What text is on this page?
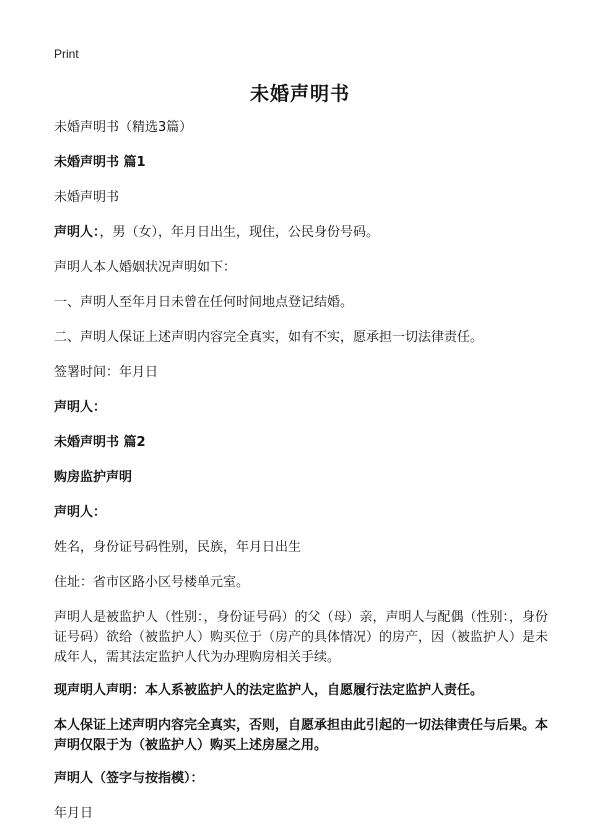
Print
未婚声明书

未婚声明书（精选3篇）

未婚声明书 篇1

未婚声明书

声明人：，男（女），年月日出生，现住，公民身份号码。

声明人本人婚姻状况声明如下：

一、声明人至年月日未曾在任何时间地点登记结婚。

二、声明人保证上述声明内容完全真实，如有不实，愿承担一切法律责任。

签署时间：年月日

声明人：

未婚声明书 篇2

购房监护声明

声明人：

姓名，身份证号码性别，民族，年月日出生

住址：省市区路小区号楼单元室。

声明人是被监护人（性别：，身份证号码）的父（母）亲，声明人与配偶（性别：，身份证号码）欲给（被监护人）购买位于（房产的具体情况）的房产，因（被监护人）是未成年人，需其法定监护人代为办理购房相关手续。

现声明人声明：本人系被监护人的法定监护人，自愿履行法定监护人责任。

本人保证上述声明内容完全真实，否则，自愿承担由此引起的一切法律责任与后果。本声明仅限于为（被监护人）购买上述房屋之用。

声明人（签字与按指模）：

年月日
